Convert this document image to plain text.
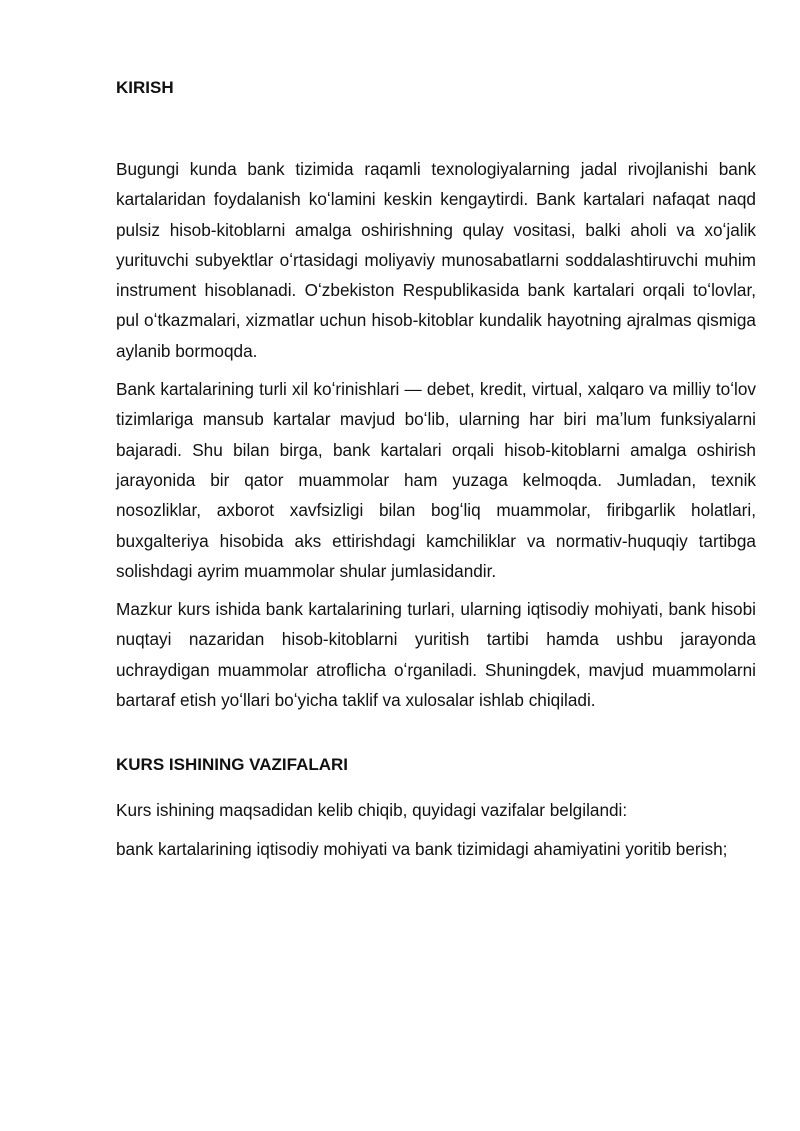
KIRISH

Bugungi kunda bank tizimida raqamli texnologiyalarning jadal rivojlanishi bank kartalaridan foydalanish koʻlamini keskin kengaytirdi. Bank kartalari nafaqat naqd pulsiz hisob-kitoblarni amalga oshirishning qulay vositasi, balki aholi va xoʻjalik yurituvchi subyektlar oʻrtasidagi moliyaviy munosabatlarni soddalashtiruvchi muhim instrument hisoblanadi. Oʻzbekiston Respublikasida bank kartalari orqali toʻlovlar, pul oʻtkazmalari, xizmatlar uchun hisob-kitoblar kundalik hayotning ajralmas qismiga aylanib bormoqda.

Bank kartalarining turli xil koʻrinishlari — debet, kredit, virtual, xalqaro va milliy toʻlov tizimlariga mansub kartalar mavjud boʻlib, ularning har biri maʼlum funksiyalarni bajaradi. Shu bilan birga, bank kartalari orqali hisob-kitoblarni amalga oshirish jarayonida bir qator muammolar ham yuzaga kelmoqda. Jumladan, texnik nosozliklar, axborot xavfsizligi bilan bogʻliq muammolar, firibgarlik holatlari, buxgalteriya hisobida aks ettirishdagi kamchiliklar va normativ-huquqiy tartibga solishdagi ayrim muammolar shular jumlasidandir.

Mazkur kurs ishida bank kartalarining turlari, ularning iqtisodiy mohiyati, bank hisobi nuqtayi nazaridan hisob-kitoblarni yuritish tartibi hamda ushbu jarayonda uchraydigan muammolar atroflicha oʻrganiladi. Shuningdek, mavjud muammolarni bartaraf etish yoʻllari boʻyicha taklif va xulosalar ishlab chiqiladi.

KURS ISHINING VAZIFALARI

Kurs ishining maqsadidan kelib chiqib, quyidagi vazifalar belgilandi:

bank kartalarining iqtisodiy mohiyati va bank tizimidagi ahamiyatini yoritib berish;
